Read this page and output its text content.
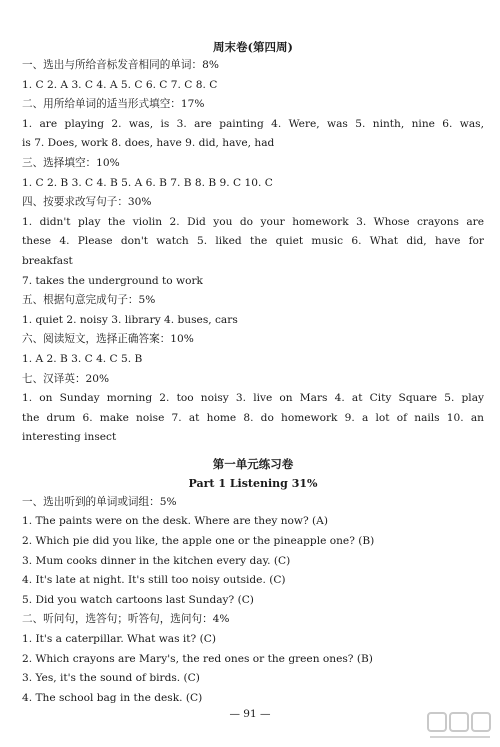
周末卷(第四周)
一、选出与所给音标发音相同的单词：8%
1. C 2. A 3. C 4. A 5. C 6. C 7. C 8. C
二、用所给单词的适当形式填空：17%
1. are playing 2. was, is 3. are painting 4. Were, was 5. ninth, nine 6. was,
is 7. Does, work 8. does, have 9. did, have, had
三、选择填空：10%
1. C 2. B 3. C 4. B 5. A 6. B 7. B 8. B 9. C 10. C
四、按要求改写句子：30%
1. didn't play the violin 2. Did you do your homework 3. Whose crayons are
these 4. Please don't watch 5. liked the quiet music 6. What did, have for
breakfast
7. takes the underground to work
五、根据句意完成句子：5%
1. quiet 2. noisy 3. library 4. buses, cars
六、阅读短文，选择正确答案：10%
1. A 2. B 3. C 4. C 5. B
七、汉译英：20%
1. on Sunday morning 2. too noisy 3. live on Mars 4. at City Square 5. play
the drum 6. make noise 7. at home 8. do homework 9. a lot of nails 10. an
interesting insect
第一单元练习卷
Part 1 Listening 31%
一、选出听到的单词或词组：5%
1. The paints were on the desk. Where are they now? (A)
2. Which pie did you like, the apple one or the pineapple one? (B)
3. Mum cooks dinner in the kitchen every day. (C)
4. It's late at night. It's still too noisy outside. (C)
5. Did you watch cartoons last Sunday? (C)
二、听问句，选答句；听答句，选问句：4%
1. It's a caterpillar. What was it? (C)
2. Which crayons are Mary's, the red ones or the green ones? (B)
3. Yes, it's the sound of birds. (C)
4. The school bag in the desk. (C)
— 91 —
